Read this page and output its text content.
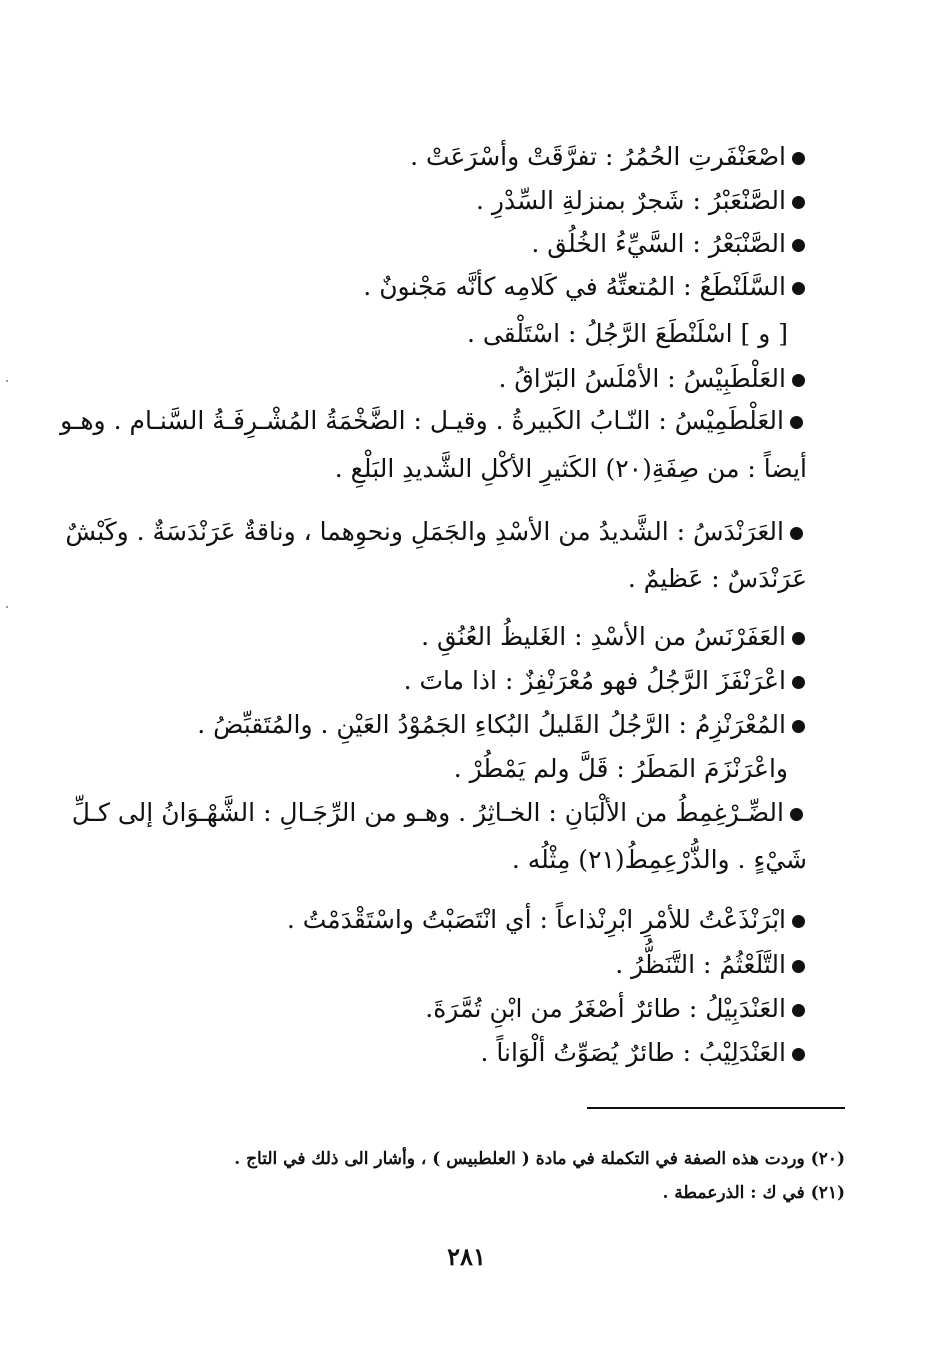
اصْعَنْفَرتِ الحُمُرُ : تفرَّقَتْ وأسْرَعَتْ .
الصَّنْعَبْرُ : شَجرٌ بمنزلةِ السِّدْرِ .
الصَّنْبَعْرُ : السَّيِّءُ الخُلُق .
السَّلَنْطَعُ : المُتعتِّهُ في كَلامِه كأنَّه مَجْنونٌ .
[ و ] اسْلَنْطَعَ الرَّجُلُ : اسْتَلْقى .
العَلْطَبِيْسُ : الأمْلَسُ البَرّاقُ .
العَلْطَمِيْسُ : النّـابُ الكَبيرةُ . وقيـل : الضَّخْمَةُ المُشْـرِفَـةُ السَّنـام . وهـو
أيضاً : من صِفَةِ(٢٠) الكَثيرِ الأكْلِ الشَّديدِ البَلْعِ .
العَرَنْدَسُ : الشَّديدُ من الأسْدِ والجَمَلِ ونحوِهما ، وناقةٌ عَرَنْدَسَةٌ . وكَبْشٌ
عَرَنْدَسٌ : عَظيمٌ .
العَفَرْنَسُ من الأسْدِ : الغَليظُ العُنُقِ .
اعْرَنْفَزَ الرَّجُلُ فهو مُعْرَنْفِزٌ : اذا ماتَ .
المُعْرَنْزِمُ : الرَّجُلُ القَليلُ البُكاءِ الجَمُوْدُ العَيْنِ . والمُتَقبِّضُ .
واعْرَنْزَمَ المَطَرُ : قَلَّ ولم يَمْطُرْ .
الضِّـرْغِمِطُ من الألْبَانِ : الخـاثِرُ . وهـو من الرِّجَـالِ : الشَّهْـوَانُ إلى كـلِّ
شَيْءٍ . والذُّرْعِمِطُ(٢١) مِثْلُه .
ابْرَنْذَعْتُ للأمْرِ ابْرِنْذاعاً : أي انْتَصَبْتُ واسْتَقْدَمْتُ .
التَّلَعْثُمُ : التَّنَظُّرُ .
العَنْدَبِيْلُ : طائرٌ أصْغَرُ من ابْنِ تُمَّرَةَ.
العَنْدَلِيْبُ : طائرٌ يُصَوِّتُ ألْوَاناً .
(٢٠) وردت هذه الصفة في التكملة في مادة ( العلطبيس ) ، وأشار الى ذلك في التاج .
(٢١) في ك : الذرعمطة .
٢٨١
